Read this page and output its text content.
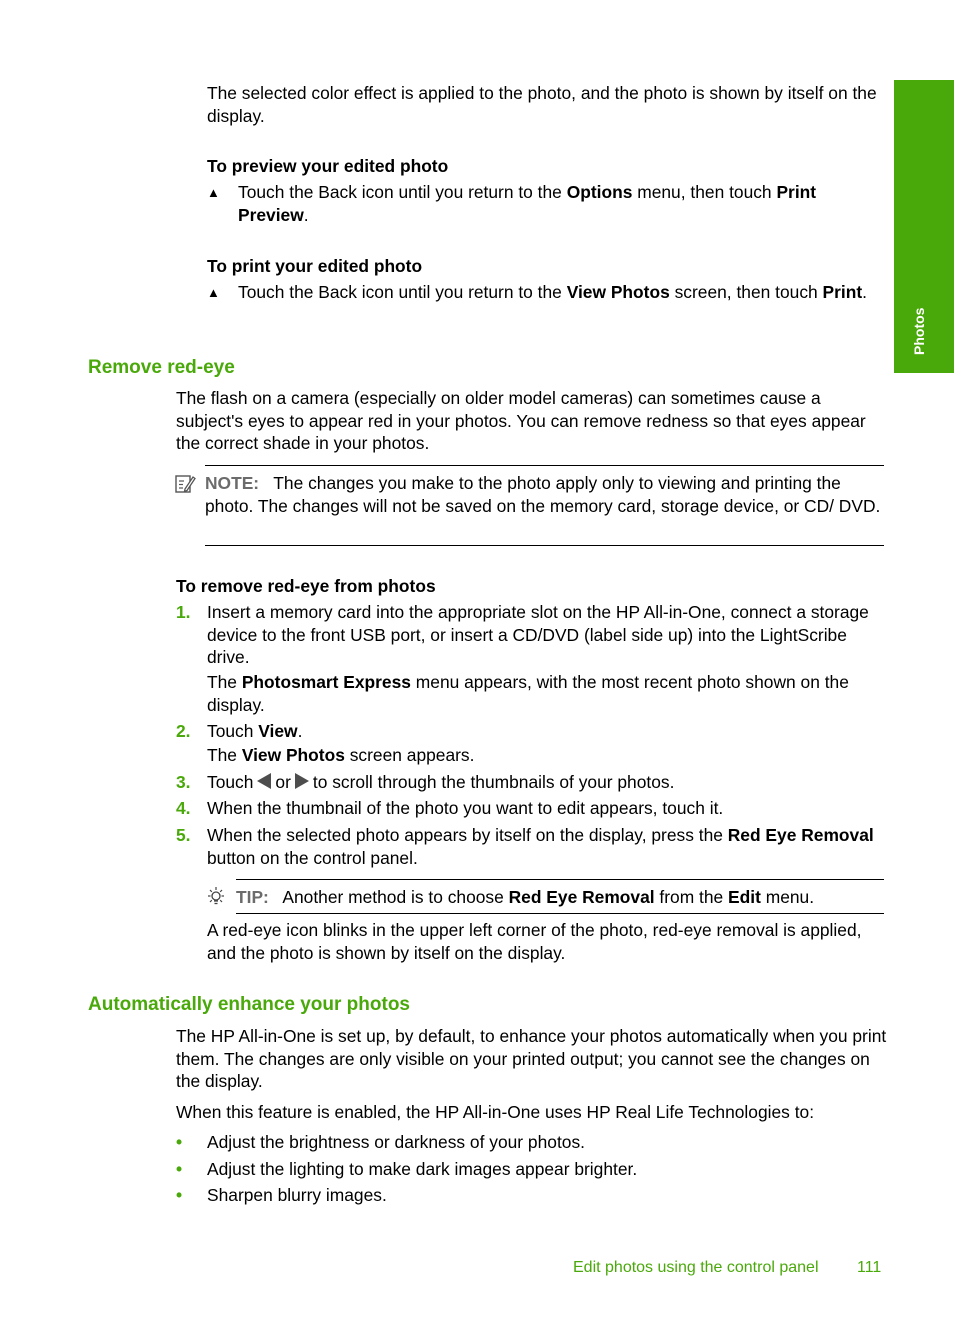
Photos

The selected color effect is applied to the photo, and the photo is shown by itself on the display.

To preview your edited photo

▲ Touch the Back icon until you return to the Options menu, then touch Print Preview.

To print your edited photo

▲ Touch the Back icon until you return to the View Photos screen, then touch Print.

Remove red-eye

The flash on a camera (especially on older model cameras) can sometimes cause a subject's eyes to appear red in your photos. You can remove redness so that eyes appear the correct shade in your photos.

NOTE: The changes you make to the photo apply only to viewing and printing the photo. The changes will not be saved on the memory card, storage device, or CD/ DVD.

To remove red-eye from photos

1. Insert a memory card into the appropriate slot on the HP All-in-One, connect a storage device to the front USB port, or insert a CD/DVD (label side up) into the LightScribe drive.

The Photosmart Express menu appears, with the most recent photo shown on the display.

2. Touch View.

The View Photos screen appears.

3. Touch or to scroll through the thumbnails of your photos.

4. When the thumbnail of the photo you want to edit appears, touch it.

5. When the selected photo appears by itself on the display, press the Red Eye Removal button on the control panel.

TIP: Another method is to choose Red Eye Removal from the Edit menu.

A red-eye icon blinks in the upper left corner of the photo, red-eye removal is applied, and the photo is shown by itself on the display.

Automatically enhance your photos

The HP All-in-One is set up, by default, to enhance your photos automatically when you print them. The changes are only visible on your printed output; you cannot see the changes on the display.

When this feature is enabled, the HP All-in-One uses HP Real Life Technologies to:

• Adjust the brightness or darkness of your photos.

• Adjust the lighting to make dark images appear brighter.

• Sharpen blurry images.

Edit photos using the control panel 111
